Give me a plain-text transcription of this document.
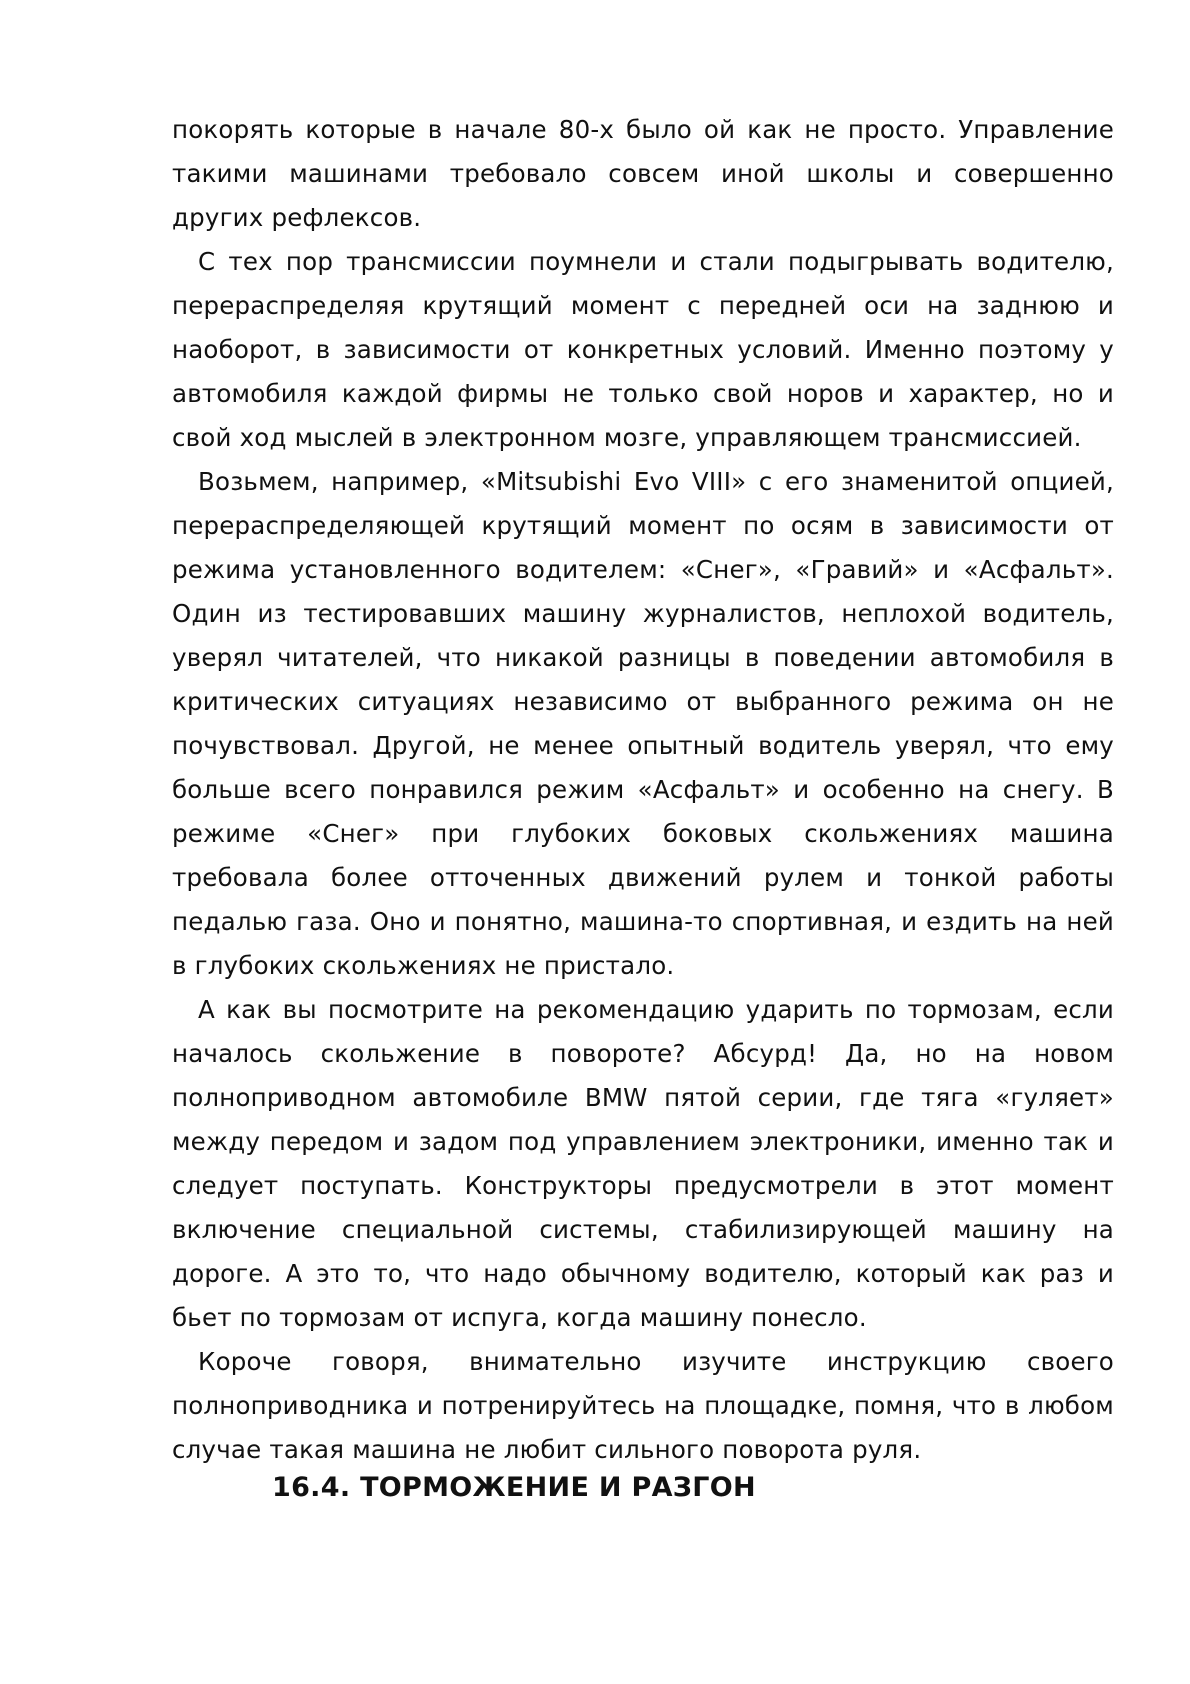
покорять которые в начале 80-х было ой как не просто. Управление такими машинами требовало совсем иной школы и совершенно других рефлексов.

С тех пор трансмиссии поумнели и стали подыгрывать водителю, перераспределяя крутящий момент с передней оси на заднюю и наоборот, в зависимости от конкретных условий. Именно поэтому у автомобиля каждой фирмы не только свой норов и характер, но и свой ход мыслей в электронном мозге, управляющем трансмиссией.

Возьмем, например, «Mitsubishi Evo VIII» с его знаменитой опцией, перераспределяющей крутящий момент по осям в зависимости от режима установленного водителем: «Снег», «Гравий» и «Асфальт». Один из тестировавших машину журналистов, неплохой водитель, уверял читателей, что никакой разницы в поведении автомобиля в критических ситуациях независимо от выбранного режима он не почувствовал. Другой, не менее опытный водитель уверял, что ему больше всего понравился режим «Асфальт» и особенно на снегу. В режиме «Снег» при глубоких боковых скольжениях машина требовала более отточенных движений рулем и тонкой работы педалью газа. Оно и понятно, машина-то спортивная, и ездить на ней в глубоких скольжениях не пристало.

А как вы посмотрите на рекомендацию ударить по тормозам, если началось скольжение в повороте? Абсурд! Да, но на новом полноприводном автомобиле BMW пятой серии, где тяга «гуляет» между передом и задом под управлением электроники, именно так и следует поступать. Конструкторы предусмотрели в этот момент включение специальной системы, стабилизирующей машину на дороге. А это то, что надо обычному водителю, который как раз и бьет по тормозам от испуга, когда машину понесло.

Короче говоря, внимательно изучите инструкцию своего полноприводника и потренируйтесь на площадке, помня, что в любом случае такая машина не любит сильного поворота руля.

16.4. ТОРМОЖЕНИЕ И РАЗГОН
